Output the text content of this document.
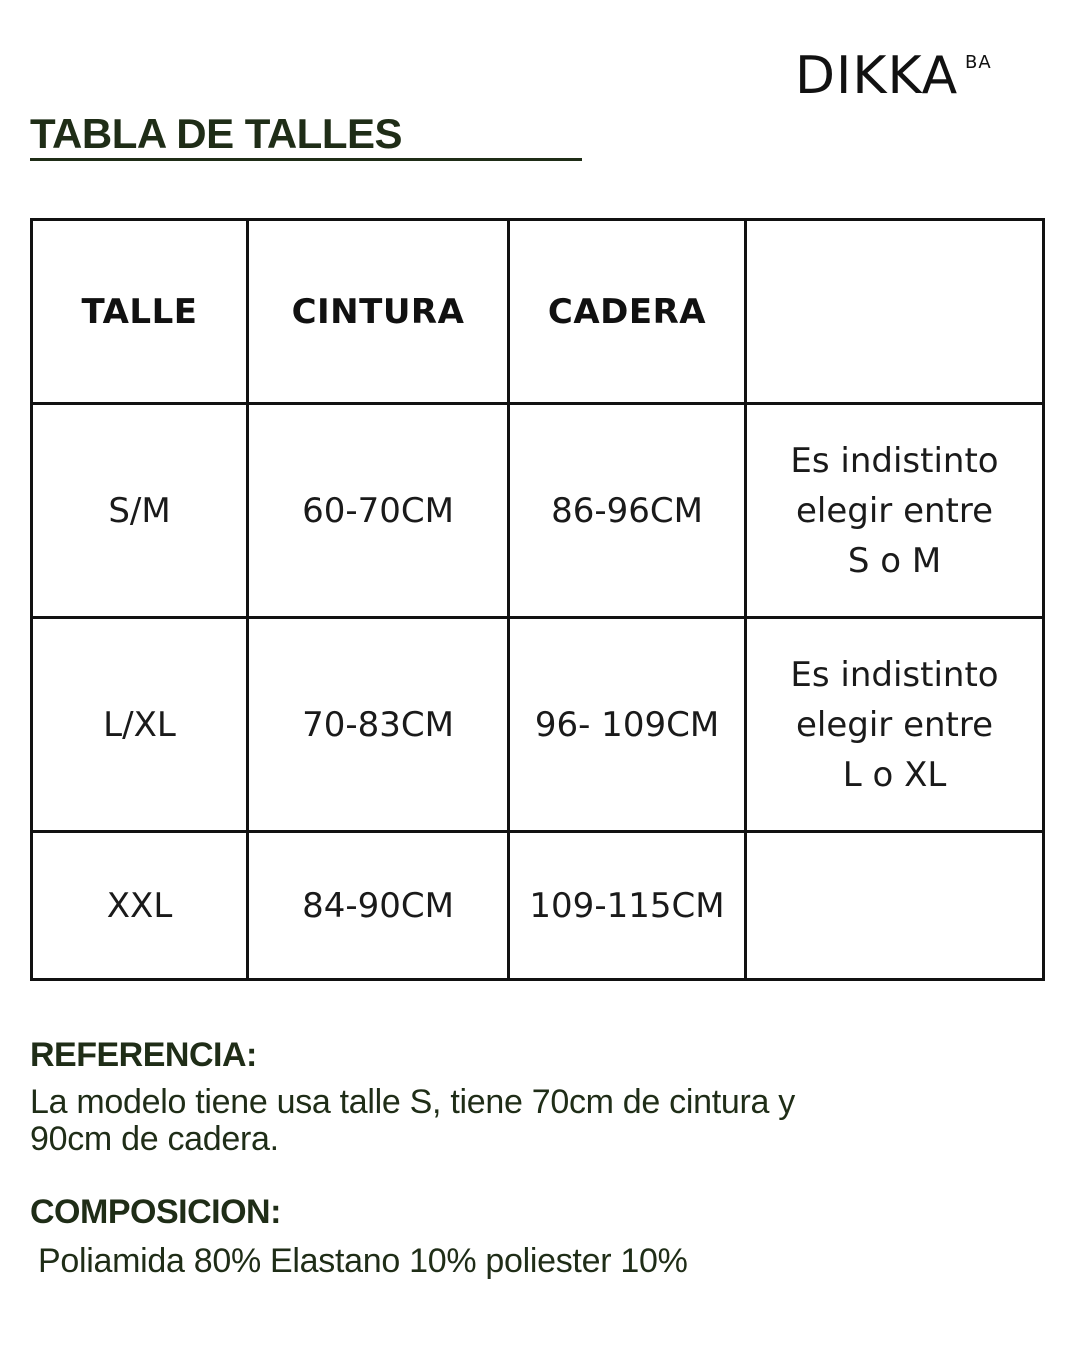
DIKKA BA
TABLA DE TALLES
TALLE	CINTURA	CADERA	
S/M	60-70CM	86-96CM	Es indistinto
elegir entre
S o M

L/XL	70-83CM	96- 109CM	Es indistinto
elegir entre
L o XL

XXL	84-90CM	109-115CM	
REFERENCIA:

La modelo tiene usa talle S, tiene 70cm de cintura y
90cm de cadera.

COMPOSICION:

Poliamida 80% Elastano 10% poliester 10%
